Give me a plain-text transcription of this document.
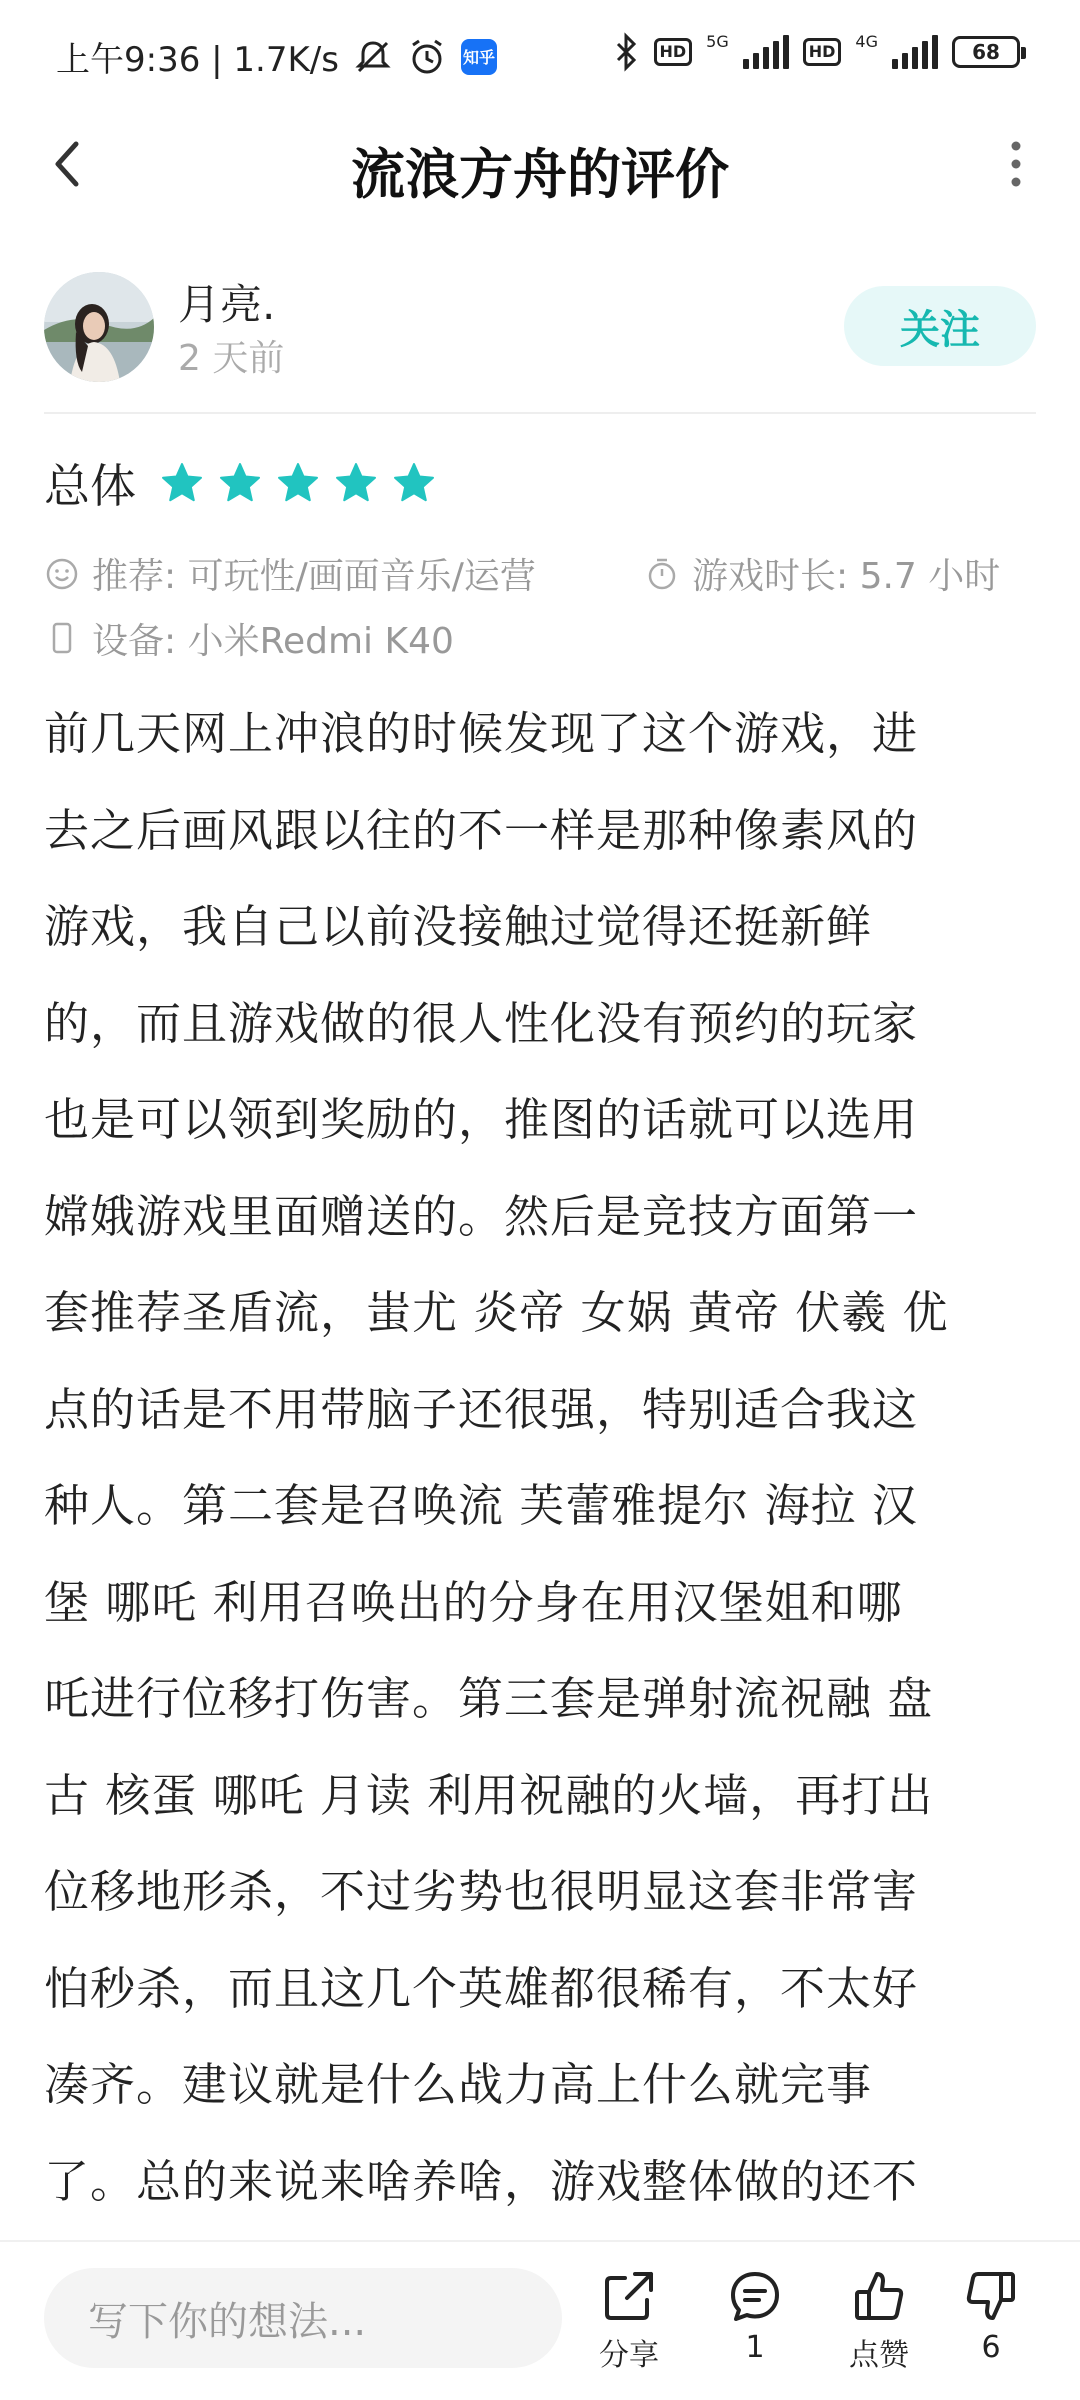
上午9:36 | 1.7K/s	知乎	HD
5G
HD
4G	68
流浪方舟的评价
月亮.
2 天前
关注
总体
推荐: 可玩性/画面音乐/运营	游戏时长: 5.7 小时
设备: 小米Redmi K40

前几天网上冲浪的时候发现了这个游戏，进

去之后画风跟以往的不一样是那种像素风的

游戏，我自己以前没接触过觉得还挺新鲜

的，而且游戏做的很人性化没有预约的玩家

也是可以领到奖励的，推图的话就可以选用

嫦娥游戏里面赠送的。然后是竞技方面第一

套推荐圣盾流，蚩尤 炎帝 女娲 黄帝 伏羲 优

点的话是不用带脑子还很强，特别适合我这

种人。第二套是召唤流 芙蕾雅提尔 海拉 汉

堡 哪吒 利用召唤出的分身在用汉堡姐和哪

吒进行位移打伤害。第三套是弹射流祝融 盘

古 核蛋 哪吒 月读 利用祝融的火墙，再打出

位移地形杀，不过劣势也很明显这套非常害

怕秒杀，而且这几个英雄都很稀有，不太好

凑齐。建议就是什么战力高上什么就完事

了。总的来说来啥养啥，游戏整体做的还不

写下你的想法...
分享	1	点赞 6
